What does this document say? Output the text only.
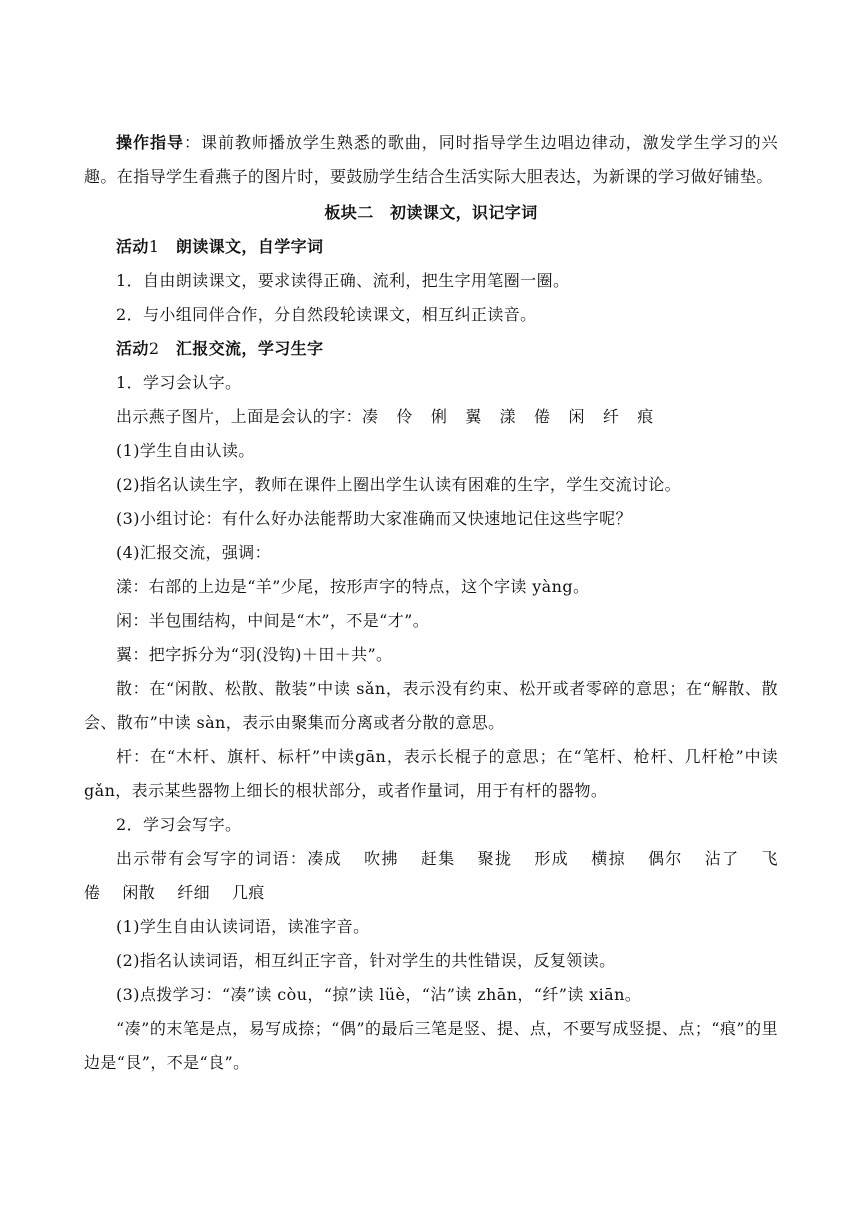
操作指导：课前教师播放学生熟悉的歌曲，同时指导学生边唱边律动，激发学生学习的兴趣。在指导学生看燕子的图片时，要鼓励学生结合生活实际大胆表达，为新课的学习做好铺垫。

板块二　初读课文，识记字词

活动1　 朗读课文，自学字词

1．自由朗读课文，要求读得正确、流利，把生字用笔圈一圈。

2．与小组同伴合作，分自然段轮读课文，相互纠正读音。

活动2　 汇报交流，学习生字

1．学习会认字。

出示燕子图片，上面是会认的字：凑 伶 俐 翼 漾 倦 闲 纤 痕

(1)学生自由认读。

(2)指名认读生字，教师在课件上圈出学生认读有困难的生字，学生交流讨论。

(3)小组讨论：有什么好办法能帮助大家准确而又快速地记住这些字呢？

(4)汇报交流，强调：

漾：右部的上边是“羊”少尾，按形声字的特点，这个字读 yàng。

闲：半包围结构，中间是“木”，不是“才”。

翼：把字拆分为“羽(没钩)＋田＋共”。

散：在“闲散、松散、散装”中读 sǎn，表示没有约束、松开或者零碎的意思；在“解散、散会、散布”中读 sàn，表示由聚集而分离或者分散的意思。

杆：在“木杆、旗杆、标杆”中读gān，表示长棍子的意思；在“笔杆、枪杆、几杆枪”中读gǎn，表示某些器物上细长的根状部分，或者作量词，用于有杆的器物。

2．学习会写字。

出示带有会写字的词语：凑成 吹拂 赶集 聚拢 形成 横掠 偶尔 沾了 飞倦 闲散 纤细 几痕

(1)学生自由认读词语，读准字音。

(2)指名认读词语，相互纠正字音，针对学生的共性错误，反复领读。

(3)点拨学习：“凑”读 còu，“掠”读 lüè，“沾”读 zhān，“纤”读 xiān。

“凑”的末笔是点，易写成捺；“偶”的最后三笔是竖、提、点，不要写成竖提、点；“痕”的里边是“艮”，不是“良”。
